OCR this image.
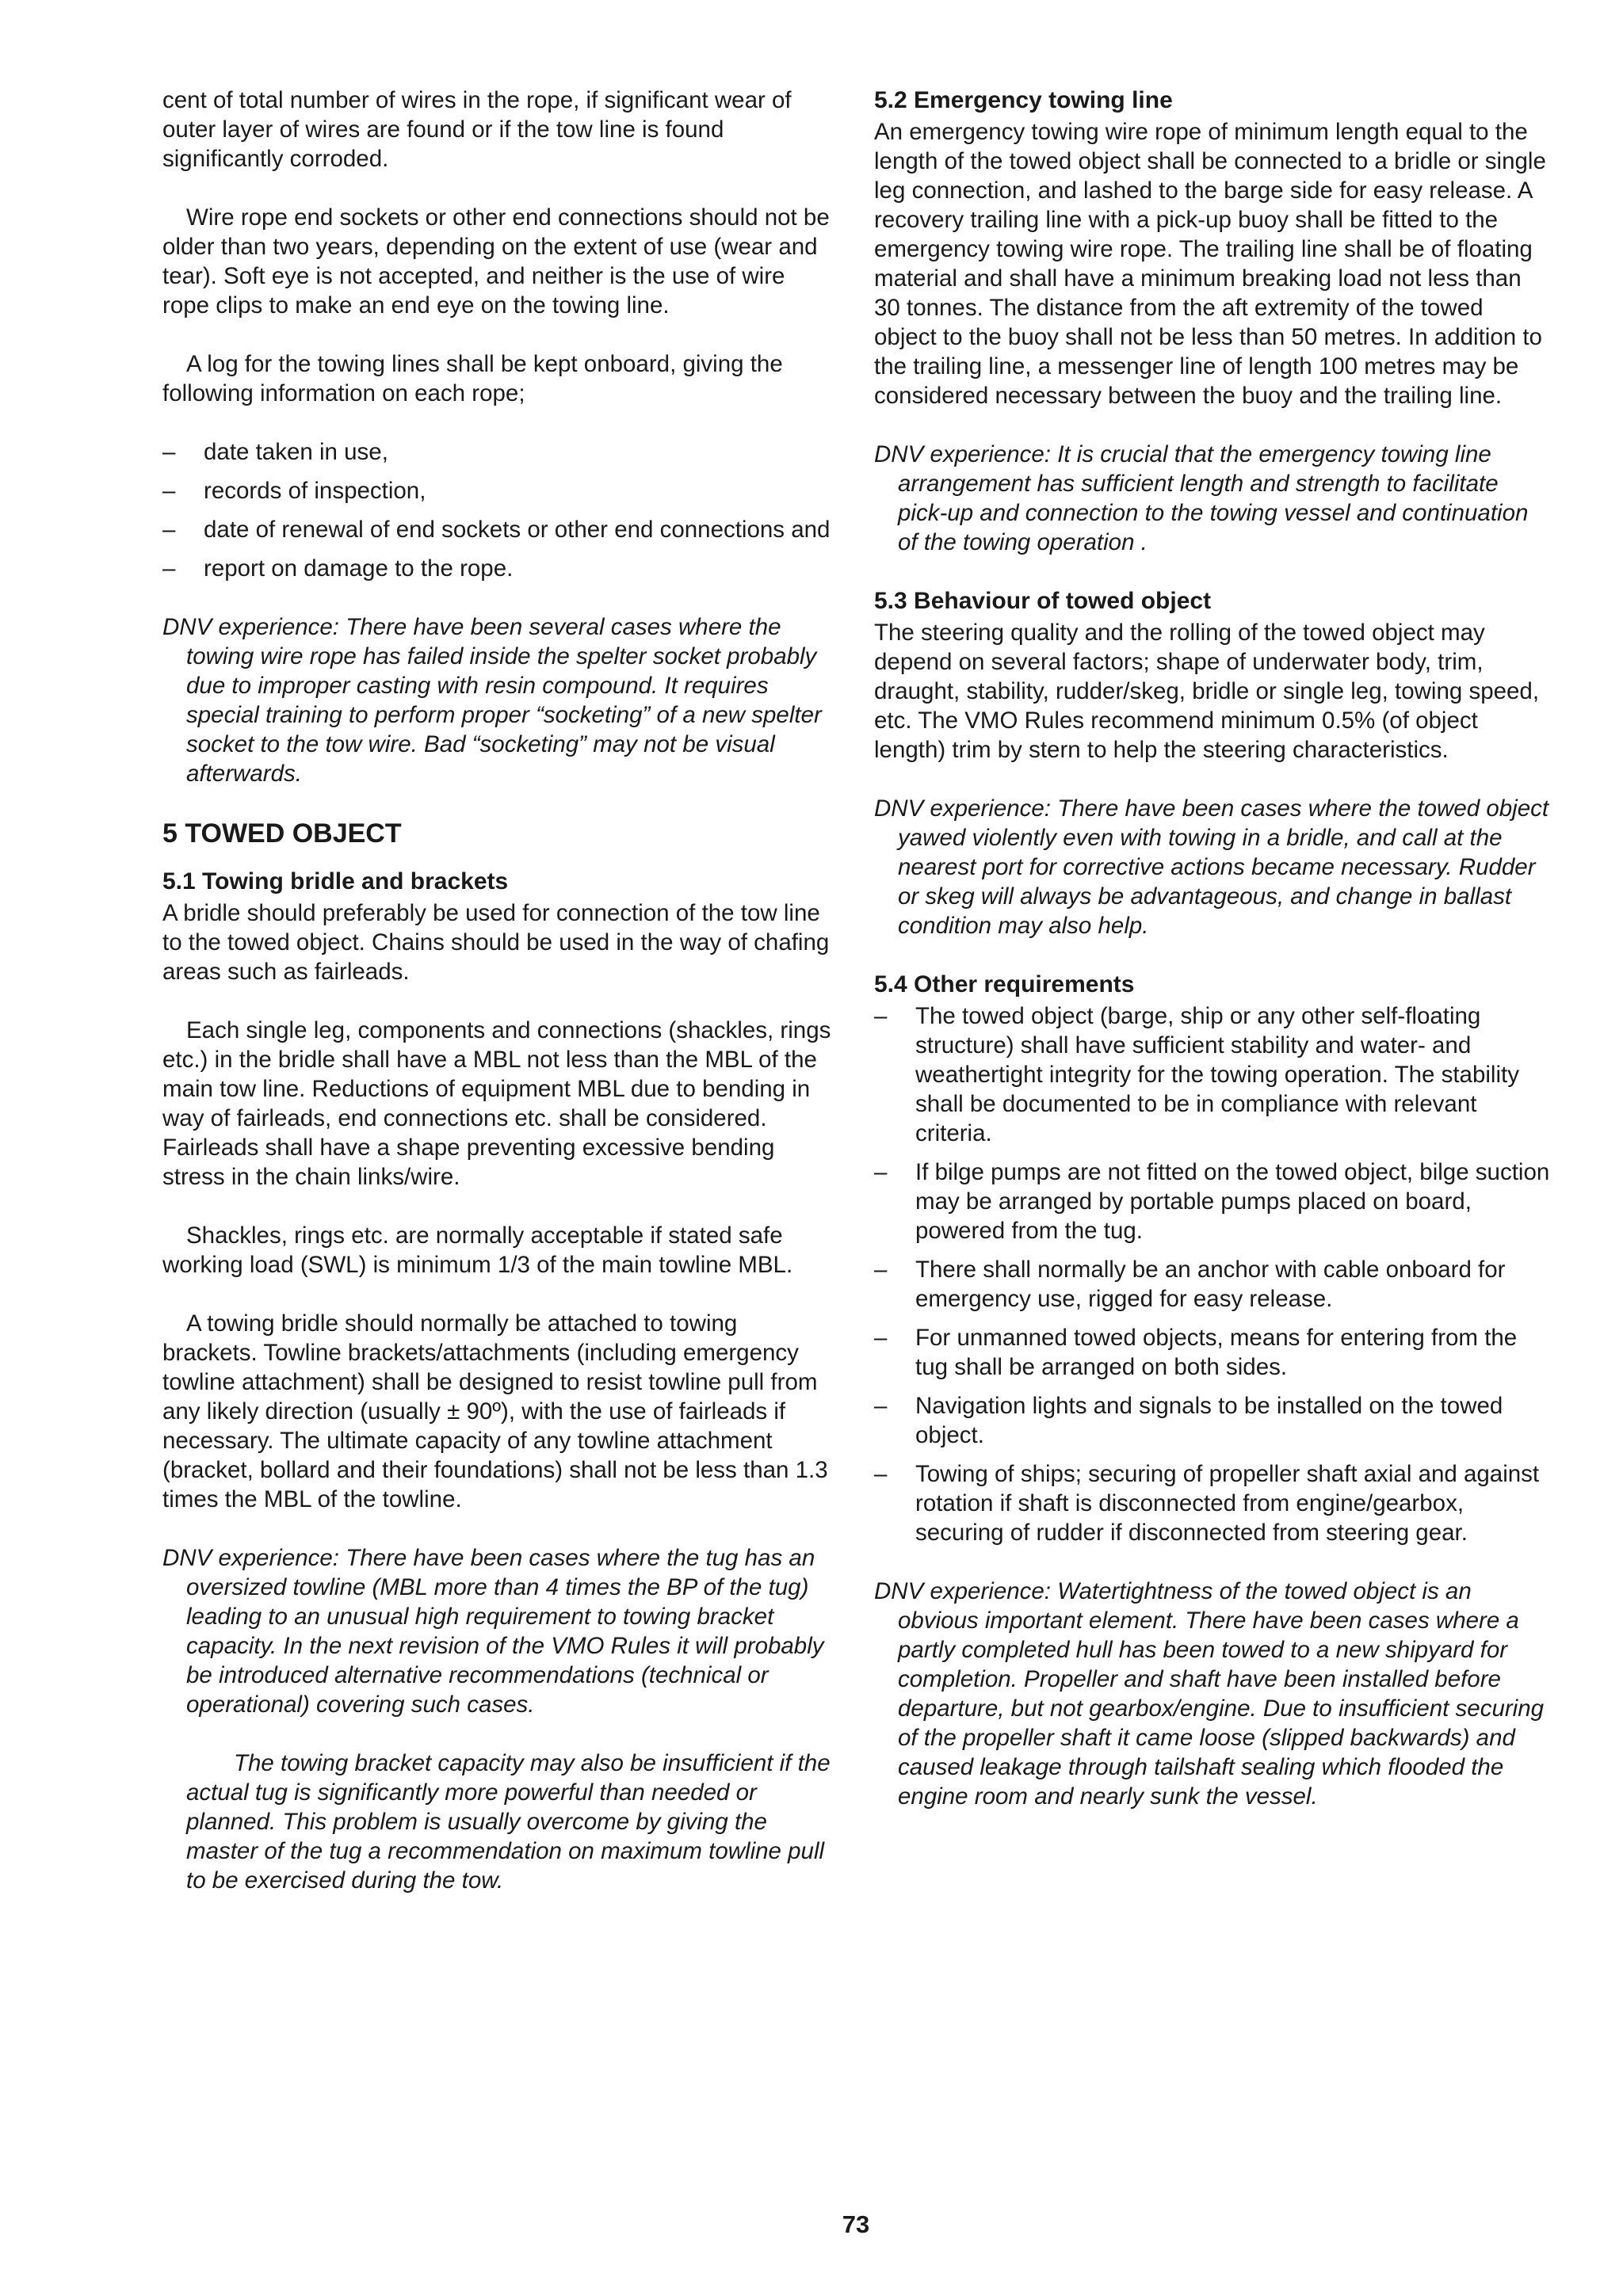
cent of total number of wires in the rope, if significant wear of outer layer of wires are found or if the tow line is found significantly corroded.

Wire rope end sockets or other end connections should not be older than two years, depending on the extent of use (wear and tear). Soft eye is not accepted, and neither is the use of wire rope clips to make an end eye on the towing line.

A log for the towing lines shall be kept onboard, giving the following information on each rope;

– date taken in use,
– records of inspection,
– date of renewal of end sockets or other end connections and
– report on damage to the rope.

DNV experience: There have been several cases where the towing wire rope has failed inside the spelter socket probably due to improper casting with resin compound. It requires special training to perform proper “socketing” of a new spelter socket to the tow wire. Bad “socketing” may not be visual afterwards.

5 TOWED OBJECT
5.1 Towing bridle and brackets

A bridle should preferably be used for connection of the tow line to the towed object. Chains should be used in the way of chafing areas such as fairleads.

Each single leg, components and connections (shackles, rings etc.) in the bridle shall have a MBL not less than the MBL of the main tow line. Reductions of equipment MBL due to bending in way of fairleads, end connections etc. shall be considered. Fairleads shall have a shape preventing excessive bending stress in the chain links/wire.

Shackles, rings etc. are normally acceptable if stated safe working load (SWL) is minimum 1/3 of the main towline MBL.

A towing bridle should normally be attached to towing brackets. Towline brackets/attachments (including emergency towline attachment) shall be designed to resist towline pull from any likely direction (usually ± 90º), with the use of fairleads if necessary. The ultimate capacity of any towline attachment (bracket, bollard and their foundations) shall not be less than 1.3 times the MBL of the towline.

DNV experience: There have been cases where the tug has an oversized towline (MBL more than 4 times the BP of the tug) leading to an unusual high requirement to towing bracket capacity. In the next revision of the VMO Rules it will probably be introduced alternative recommendations (technical or operational) covering such cases.

The towing bracket capacity may also be insufficient if the actual tug is significantly more powerful than needed or planned. This problem is usually overcome by giving the master of the tug a recommendation on maximum towline pull to be exercised during the tow.

5.2 Emergency towing line

An emergency towing wire rope of minimum length equal to the length of the towed object shall be connected to a bridle or single leg connection, and lashed to the barge side for easy release. A recovery trailing line with a pick-up buoy shall be fitted to the emergency towing wire rope. The trailing line shall be of floating material and shall have a minimum breaking load not less than 30 tonnes. The distance from the aft extremity of the towed object to the buoy shall not be less than 50 metres. In addition to the trailing line, a messenger line of length 100 metres may be considered necessary between the buoy and the trailing line.

DNV experience: It is crucial that the emergency towing line arrangement has sufficient length and strength to facilitate pick-up and connection to the towing vessel and continuation of the towing operation .

5.3 Behaviour of towed object

The steering quality and the rolling of the towed object may depend on several factors; shape of underwater body, trim, draught, stability, rudder/skeg, bridle or single leg, towing speed, etc. The VMO Rules recommend minimum 0.5% (of object length) trim by stern to help the steering characteristics.

DNV experience: There have been cases where the towed object yawed violently even with towing in a bridle, and call at the nearest port for corrective actions became necessary. Rudder or skeg will always be advantageous, and change in ballast condition may also help.

5.4 Other requirements
– The towed object (barge, ship or any other self-floating structure) shall have sufficient stability and water- and weathertight integrity for the towing operation. The stability shall be documented to be in compliance with relevant criteria.
– If bilge pumps are not fitted on the towed object, bilge suction may be arranged by portable pumps placed on board, powered from the tug.
– There shall normally be an anchor with cable onboard for emergency use, rigged for easy release.
– For unmanned towed objects, means for entering from the tug shall be arranged on both sides.
– Navigation lights and signals to be installed on the towed object.
– Towing of ships; securing of propeller shaft axial and against rotation if shaft is disconnected from engine/gearbox, securing of rudder if disconnected from steering gear.

DNV experience: Watertightness of the towed object is an obvious important element. There have been cases where a partly completed hull has been towed to a new shipyard for completion. Propeller and shaft have been installed before departure, but not gearbox/engine. Due to insufficient securing of the propeller shaft it came loose (slipped backwards) and caused leakage through tailshaft sealing which flooded the engine room and nearly sunk the vessel.

73
